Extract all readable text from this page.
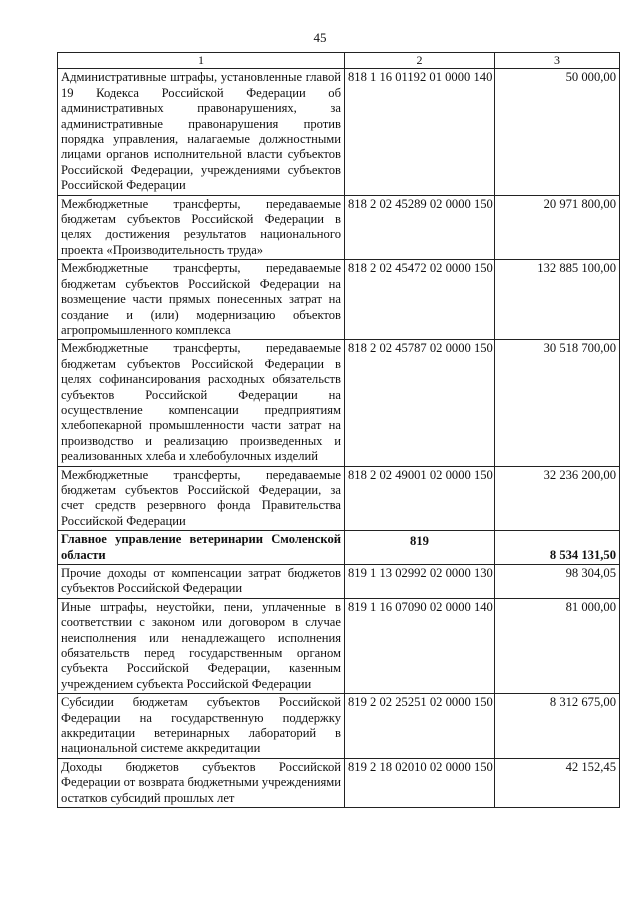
45
1	2	3
Административные штрафы, установленные главой 19 Кодекса Российской Федерации об административных правонарушениях, за административные правонарушения против порядка управления, налагаемые должностными лицами органов исполнительной власти субъектов Российской Федерации, учреждениями субъектов Российской Федерации	818 1 16 01192 01 0000 140	50 000,00
Межбюджетные трансферты, передаваемые бюджетам субъектов Российской Федерации в целях достижения результатов национального проекта «Производительность труда»	818 2 02 45289 02 0000 150	20 971 800,00
Межбюджетные трансферты, передаваемые бюджетам субъектов Российской Федерации на возмещение части прямых понесенных затрат на создание и (или) модернизацию объектов агропромышленного комплекса	818 2 02 45472 02 0000 150	132 885 100,00
Межбюджетные трансферты, передаваемые бюджетам субъектов Российской Федерации в целях софинансирования расходных обязательств субъектов Российской Федерации на осуществление компенсации предприятиям хлебопекарной промышленности части затрат на производство и реализацию произведенных и реализованных хлеба и хлебобулочных изделий	818 2 02 45787 02 0000 150	30 518 700,00
Межбюджетные трансферты, передаваемые бюджетам субъектов Российской Федерации, за счет средств резервного фонда Правительства Российской Федерации	818 2 02 49001 02 0000 150	32 236 200,00
Главное управление ветеринарии Смоленской области	819	8 534 131,50
Прочие доходы от компенсации затрат бюджетов субъектов Российской Федерации	819 1 13 02992 02 0000 130	98 304,05
Иные штрафы, неустойки, пени, уплаченные в соответствии с законом или договором в случае неисполнения или ненадлежащего исполнения обязательств перед государственным органом субъекта Российской Федерации, казенным учреждением субъекта Российской Федерации	819 1 16 07090 02 0000 140	81 000,00
Субсидии бюджетам субъектов Российской Федерации на государственную поддержку аккредитации ветеринарных лабораторий в национальной системе аккредитации	819 2 02 25251 02 0000 150	8 312 675,00
Доходы бюджетов субъектов Российской Федерации от возврата бюджетными учреждениями остатков субсидий прошлых лет	819 2 18 02010 02 0000 150	42 152,45
